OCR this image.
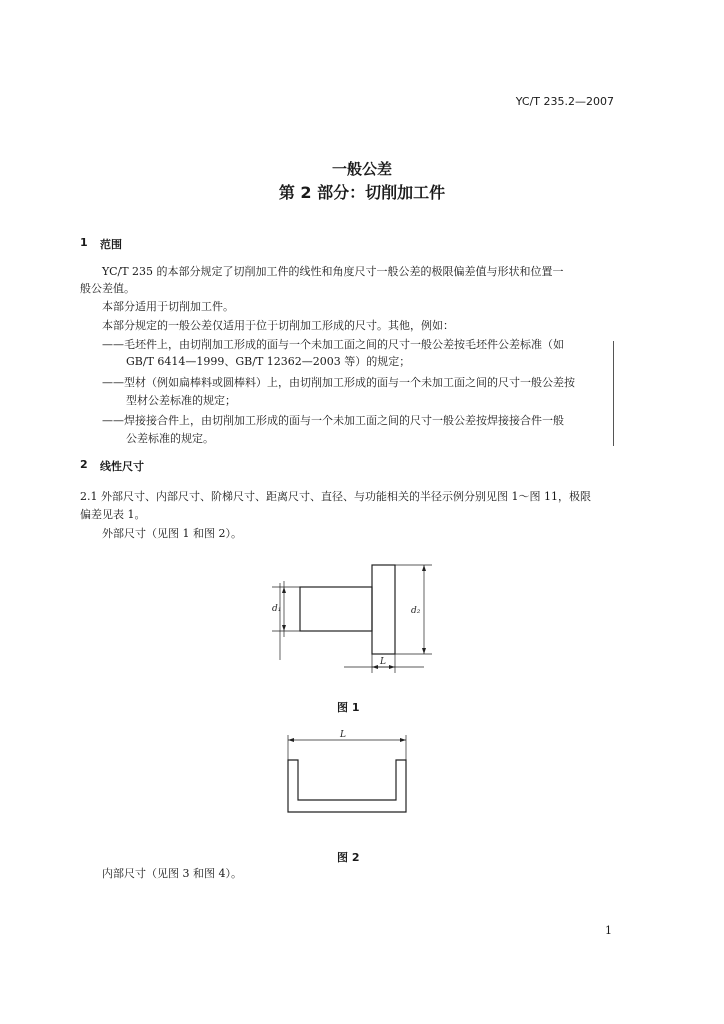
YC/T 235.2—2007
一般公差
第 2 部分：切削加工件
1 范围
YC/T 235 的本部分规定了切削加工件的线性和角度尺寸一般公差的极限偏差值与形状和位置一
般公差值。
本部分适用于切削加工件。
本部分规定的一般公差仅适用于位于切削加工形成的尺寸。其他，例如：
——毛坯件上，由切削加工形成的面与一个未加工面之间的尺寸一般公差按毛坯件公差标准（如
GB/T 6414—1999、GB/T 12362—2003 等）的规定；
——型材（例如扁棒料或圆棒料）上，由切削加工形成的面与一个未加工面之间的尺寸一般公差按
型材公差标准的规定；
——焊接接合件上，由切削加工形成的面与一个未加工面之间的尺寸一般公差按焊接接合件一般
公差标准的规定。
2 线性尺寸
2.1 外部尺寸、内部尺寸、阶梯尺寸、距离尺寸、直径、与功能相关的半径示例分别见图 1～图 11，极限
偏差见表 1。
外部尺寸（见图 1 和图 2）。
d₁	d₂
L
图 1
L
图 2
内部尺寸（见图 3 和图 4）。
1
